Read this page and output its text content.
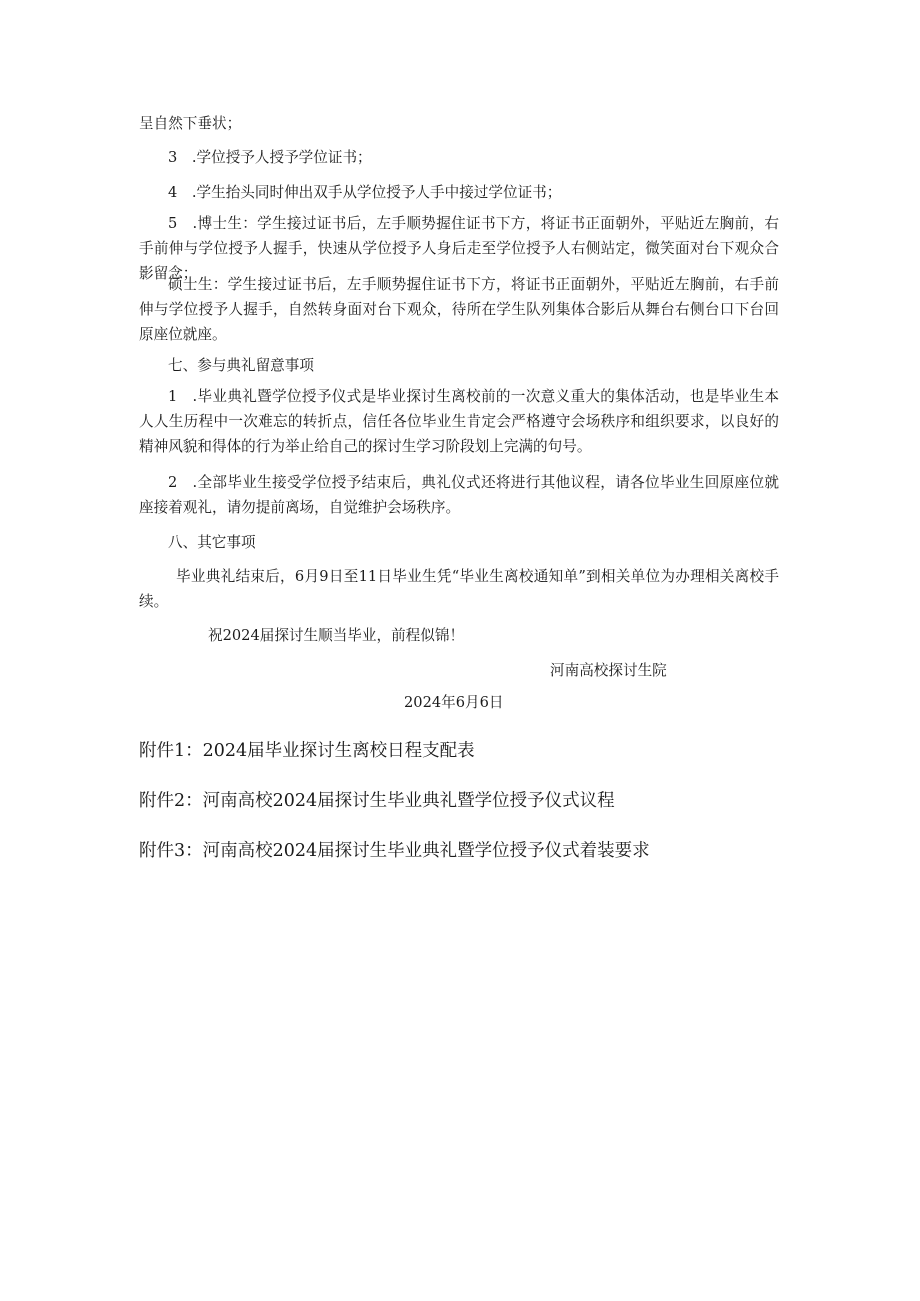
呈自然下垂状；
3　.学位授予人授予学位证书；
4　.学生抬头同时伸出双手从学位授予人手中接过学位证书；
5　.博士生：学生接过证书后，左手顺势握住证书下方，将证书正面朝外，平贴近左胸前，右手前伸与学位授予人握手，快速从学位授予人身后走至学位授予人右侧站定，微笑面对台下观众合影留念；
硕士生：学生接过证书后，左手顺势握住证书下方，将证书正面朝外，平贴近左胸前，右手前伸与学位授予人握手，自然转身面对台下观众，待所在学生队列集体合影后从舞台右侧台口下台回原座位就座。
七、参与典礼留意事项
1　.毕业典礼暨学位授予仪式是毕业探讨生离校前的一次意义重大的集体活动，也是毕业生本人人生历程中一次难忘的转折点，信任各位毕业生肯定会严格遵守会场秩序和组织要求，以良好的精神风貌和得体的行为举止给自己的探讨生学习阶段划上完满的句号。
2　.全部毕业生接受学位授予结束后，典礼仪式还将进行其他议程，请各位毕业生回原座位就座接着观礼，请勿提前离场，自觉维护会场秩序。
八、其它事项
毕业典礼结束后，6月9日至11日毕业生凭“毕业生离校通知单”到相关单位为办理相关离校手续。
祝2024届探讨生顺当毕业，前程似锦！
河南高校探讨生院
2024年6月6日
附件1：2024届毕业探讨生离校日程支配表
附件2：河南高校2024届探讨生毕业典礼暨学位授予仪式议程
附件3：河南高校2024届探讨生毕业典礼暨学位授予仪式着装要求
